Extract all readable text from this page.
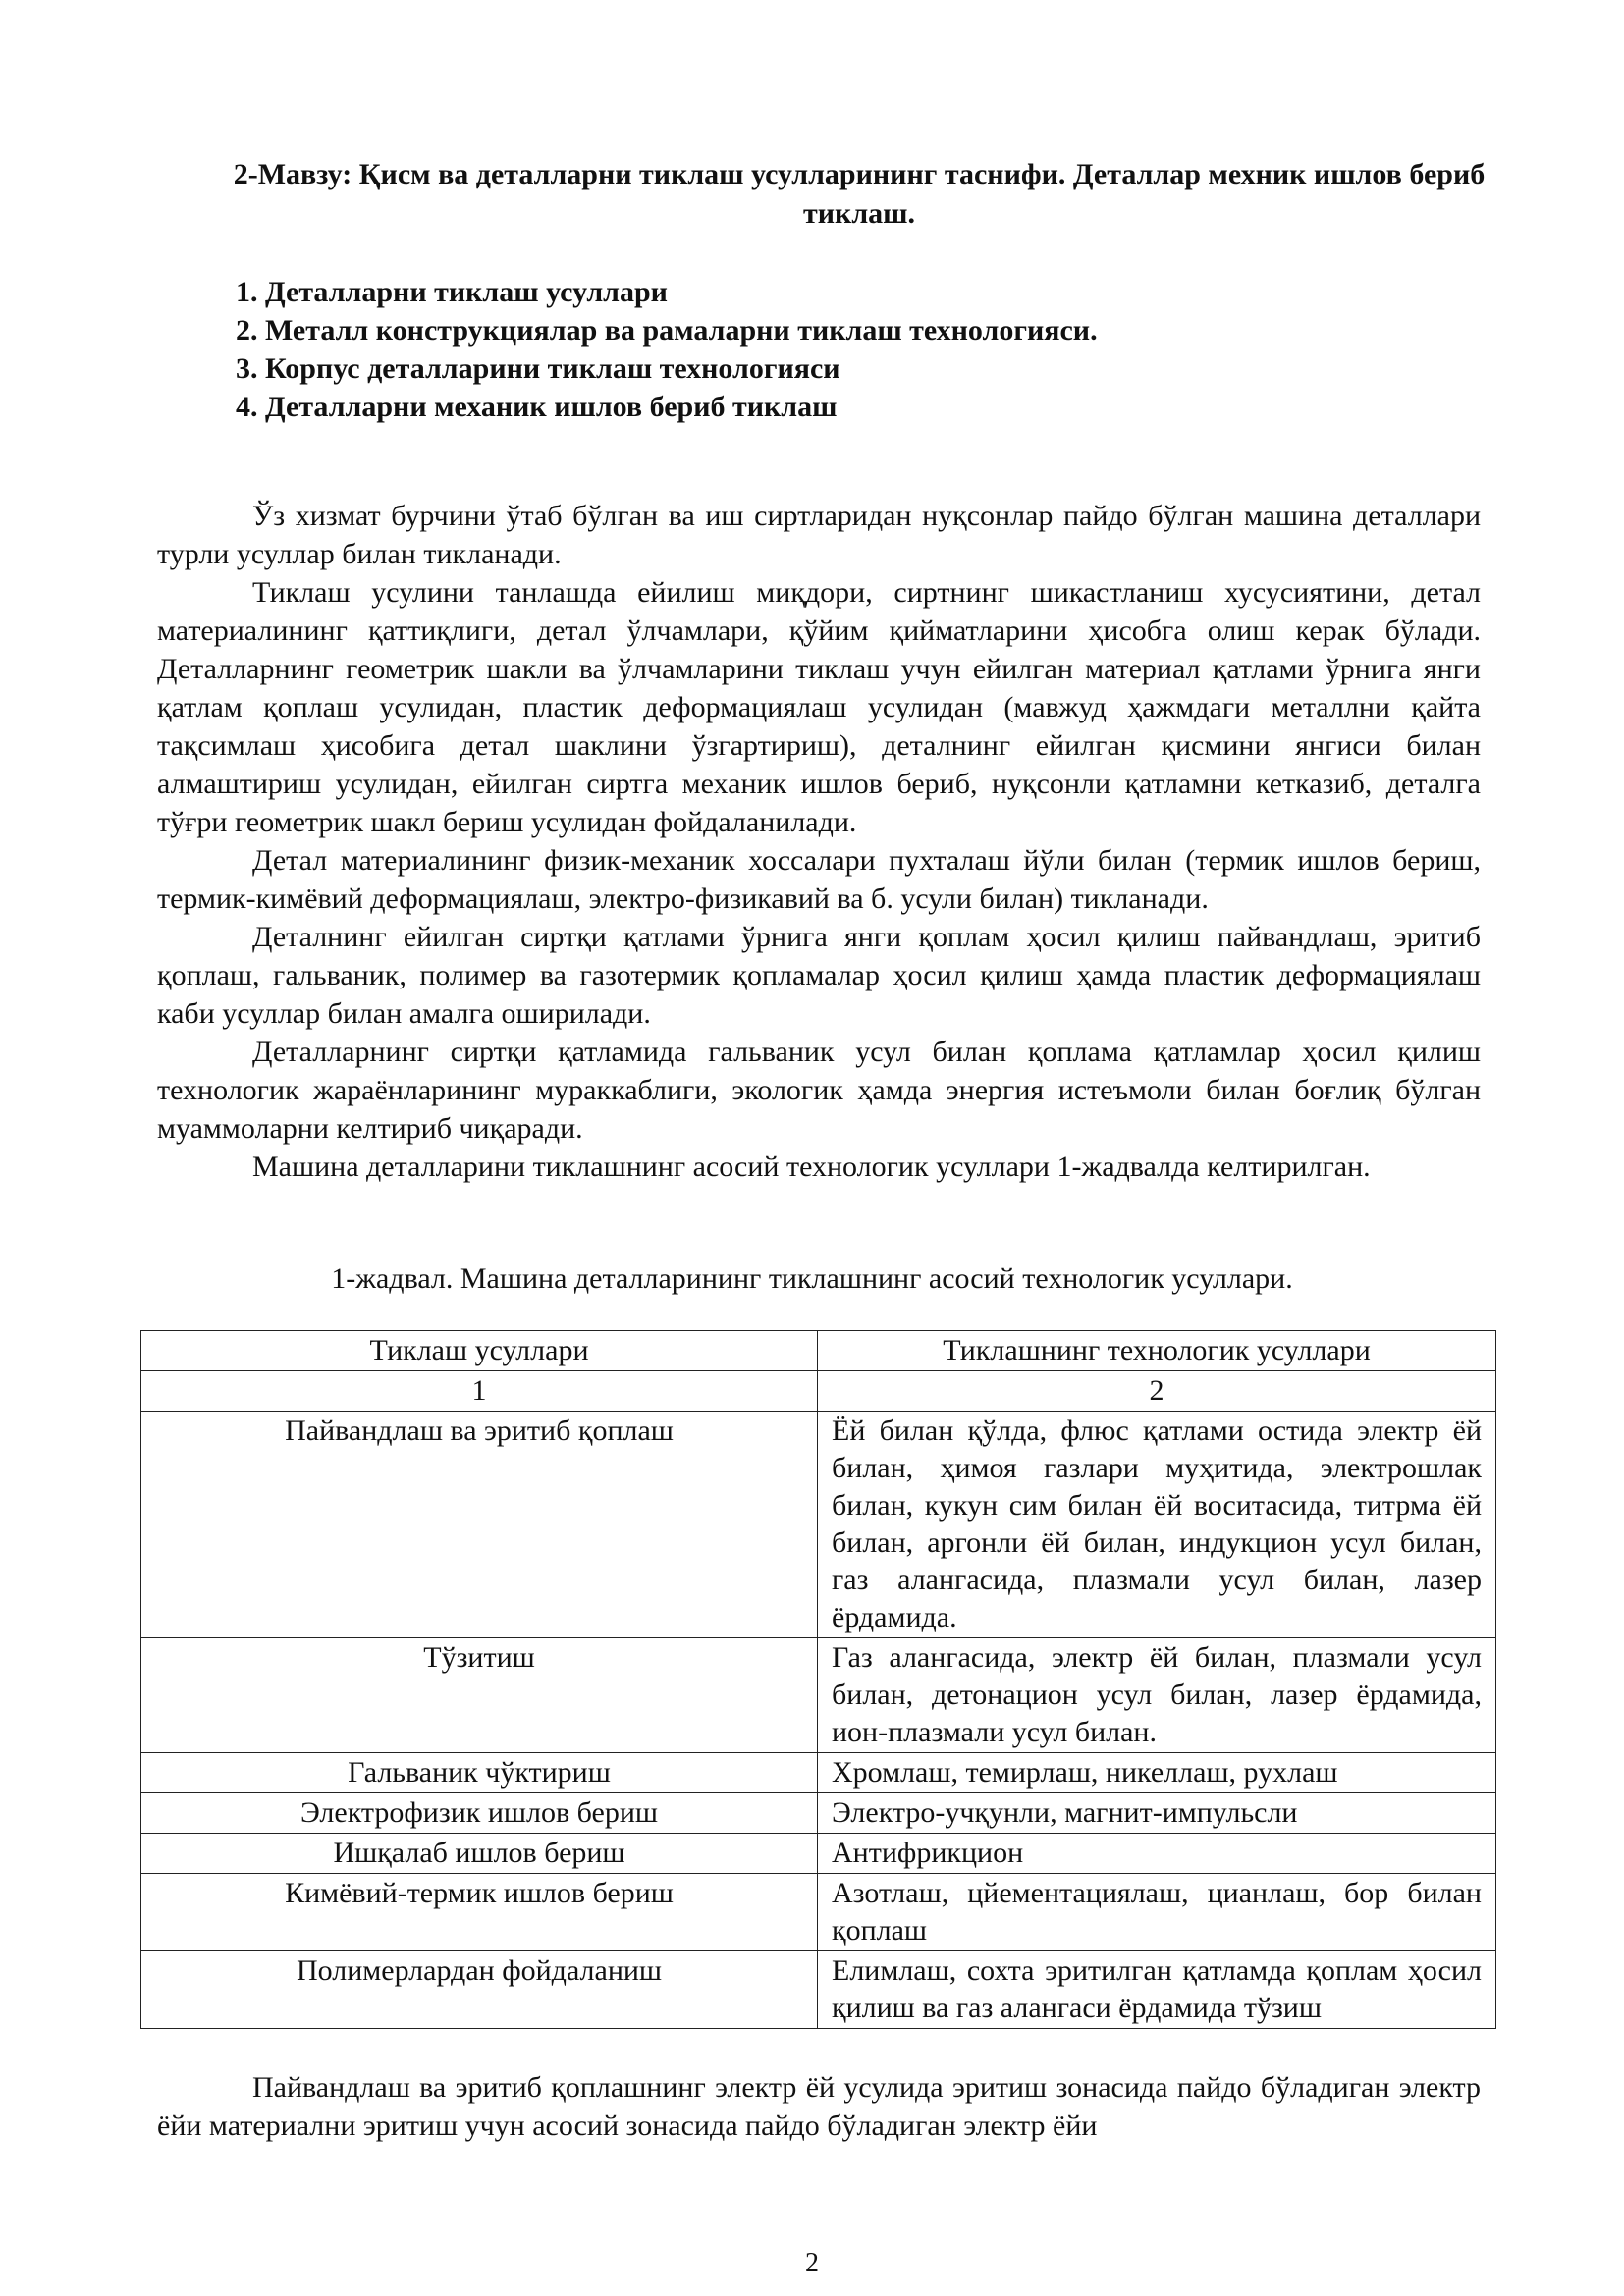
2-Мавзу: Қисм ва деталларни тиклаш усулларининг таснифи. Деталлар мехник ишлов бериб тиклаш.
1. Деталларни тиклаш усуллари
2. Металл конструкциялар ва рамаларни тиклаш технологияси.
3. Корпус деталларини тиклаш технологияси
4. Деталларни механик ишлов бериб тиклаш

Ўз хизмат бурчини ўтаб бўлган ва иш сиртларидан нуқсонлар пайдо бўлган машина деталлари турли усуллар билан тикланади.

Тиклаш усулини танлашда ейилиш миқдори, сиртнинг шикастланиш хусусиятини, детал материалининг қаттиқлиги, детал ўлчамлари, қўйим қийматларини ҳисобга олиш керак бўлади. Деталларнинг геометрик шакли ва ўлчамларини тиклаш учун ейилган материал қатлами ўрнига янги қатлам қоплаш усулидан, пластик деформациялаш усулидан (мавжуд ҳажмдаги металлни қайта тақсимлаш ҳисобига детал шаклини ўзгартириш), деталнинг ейилган қисмини янгиси билан алмаштириш усулидан, ейилган сиртга механик ишлов бериб, нуқсонли қатламни кетказиб, деталга тўғри геометрик шакл бериш усулидан фойдаланилади.

Детал материалининг физик-механик хоссалари пухталаш йўли билан (термик ишлов бериш, термик-кимёвий деформациялаш, электро-физикавий ва б. усули билан) тикланади.

Деталнинг ейилган сиртқи қатлами ўрнига янги қоплам ҳосил қилиш пайвандлаш, эритиб қоплаш, гальваник, полимер ва газотермик қопламалар ҳосил қилиш ҳамда пластик деформациялаш каби усуллар билан амалга оширилади.

Деталларнинг сиртқи қатламида гальваник усул билан қоплама қатламлар ҳосил қилиш технологик жараёнларининг мураккаблиги, экологик ҳамда энергия истеъмоли билан боғлиқ бўлган муаммоларни келтириб чиқаради.

Машина деталларини тиклашнинг асосий технологик усуллари 1-жадвалда келтирилган.

1-жадвал. Машина деталларининг тиклашнинг асосий технологик усуллари.
Тиклаш усуллари	Тиклашнинг технологик усуллари
1	2
Пайвандлаш ва эритиб қоплаш	Ёй билан қўлда, флюс қатлами остида электр ёй билан, ҳимоя газлари муҳитида, электрошлак билан, кукун сим билан ёй воситасида, титрма ёй билан, аргонли ёй билан, индукцион усул билан, газ алангасида, плазмали усул билан, лазер ёрдамида.
Тўзитиш	Газ алангасида, электр ёй билан, плазмали усул билан, детонацион усул билан, лазер ёрдамида, ион-плазмали усул билан.
Гальваник чўктириш	Хромлаш, темирлаш, никеллаш, рухлаш
Электрофизик ишлов бериш	Электро-учқунли, магнит-импульсли
Ишқалаб ишлов бериш	Антифрикцион
Кимёвий-термик ишлов бериш	Азотлаш, цйементациялаш, цианлаш, бор билан қоплаш
Полимерлардан фойдаланиш	Елимлаш, сохта эритилган қатламда қоплам ҳосил қилиш ва газ алангаси ёрдамида тўзиш

Пайвандлаш ва эритиб қоплашнинг электр ёй усулида эритиш зонасида пайдо бўладиган электр ёйи материални эритиш учун асосий зонасида пайдо бўладиган электр ёйи

2
